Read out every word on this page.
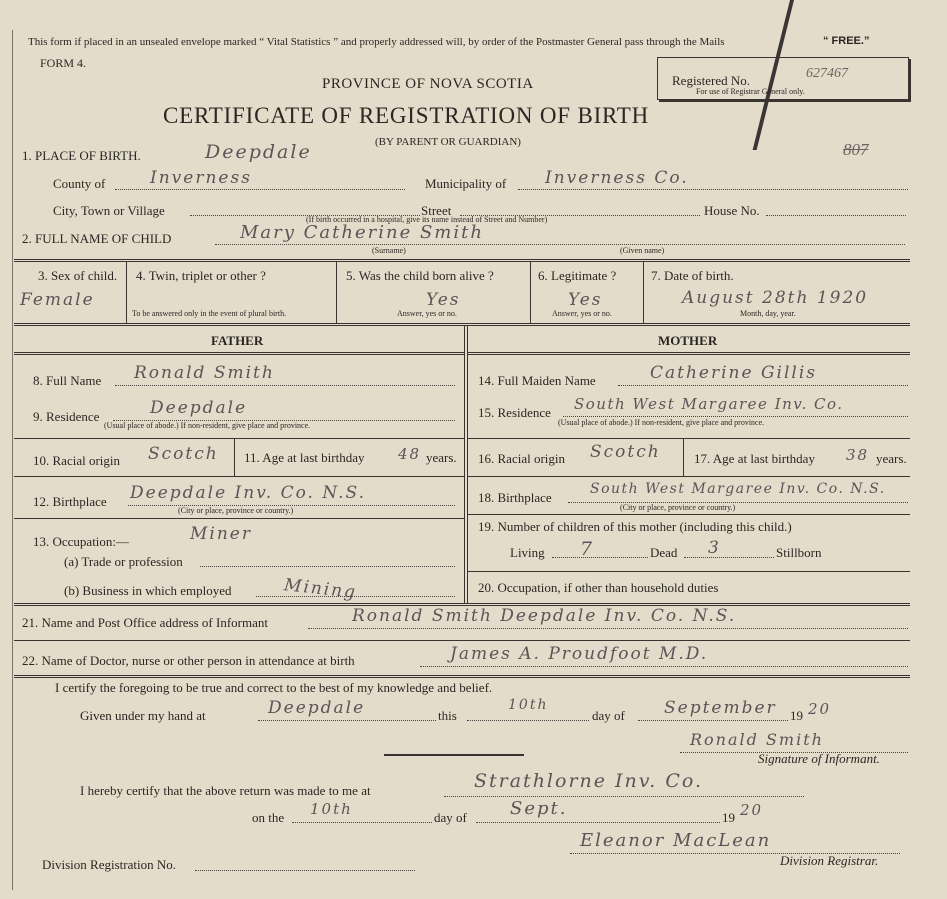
This form if placed in an unsealed envelope marked “ Vital Statistics ” and properly addressed will, by order of the Postmaster General pass through the Mails	“ FREE.”
FORM 4.
PROVINCE OF NOVA SCOTIA
CERTIFICATE OF REGISTRATION OF BIRTH
(BY PARENT OR GUARDIAN)
Registered No.	627467
For use of Registrar General only.
807
1. PLACE OF BIRTH.	Deepdale
County of	Inverness	Municipality of Inverness Co.
City, Town or Village	Street	House No.
(If birth occurred in a hospital, give its name instead of Street and Number)
2. FULL NAME OF CHILD	Mary Catherine Smith
(Surname)	(Given name)
3. Sex of child.
Female
4. Twin, triplet or other ?
To be answered only in the event of plural birth.
5. Was the child born alive ?
Yes
Answer, yes or no.
6. Legitimate ?
Yes
Answer, yes or no.
7. Date of birth.
August 28th 1920
Month, day, year.
FATHER	MOTHER
8. Full Name Ronald Smith
9. Residence	Deepdale
(Usual place of abode.) If non-resident, give place and province.
10. Racial origin Scotch 11. Age at last birthday 48 years.
12. Birthplace Deepdale Inv. Co. N.S.
(City or place, province or country.)
13. Occupation:—	Miner
(a) Trade or profession
(b) Business in which employed	Mining
14. Full Maiden Name	Catherine Gillis
15. Residence South West Margaree Inv. Co.
(Usual place of abode.) If non-resident, give place and province.
16. Racial origin Scotch	17. Age at last birthday 38 years.
18. Birthplace
South West Margaree Inv. Co. N.S.
(City or place, province or country.)
19. Number of children of this mother (including this child.)
Living 7	Dead 3	Stillborn
20. Occupation, if other than household duties
21. Name and Post Office address of Informant	Ronald Smith Deepdale Inv. Co. N.S.
22. Name of Doctor, nurse or other person in attendance at birth	James A. Proudfoot M.D.
I certify the foregoing to be true and correct to the best of my knowledge and belief.
Given under my hand at	Deepdale	this
10th
day of September 19 20
Ronald Smith
Signature of Informant.
I hereby certify that the above return was made to me at	Strathlorne Inv. Co.
on the 10th	day of Sept.	19 20
Eleanor MacLean
Division Registrar.
Division Registration No.
